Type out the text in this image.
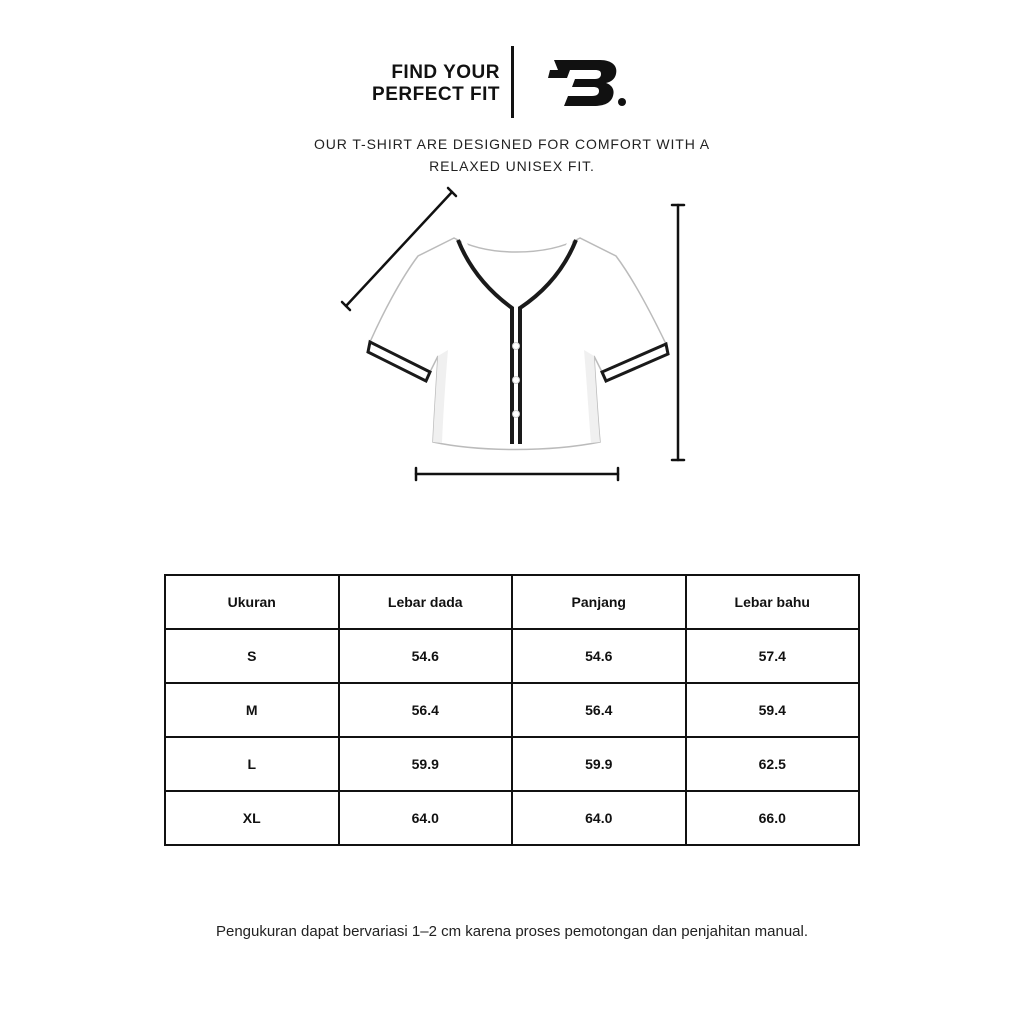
FIND YOUR
PERFECT FIT
OUR T-SHIRT ARE DESIGNED FOR COMFORT WITH A
RELAXED UNISEX FIT.
Ukuran	Lebar dada	Panjang	Lebar bahu
S	54.6	54.6	57.4
M	56.4	56.4	59.4
L	59.9	59.9	62.5
XL	64.0	64.0	66.0
Pengukuran dapat bervariasi 1–2 cm karena proses pemotongan dan penjahitan manual.
